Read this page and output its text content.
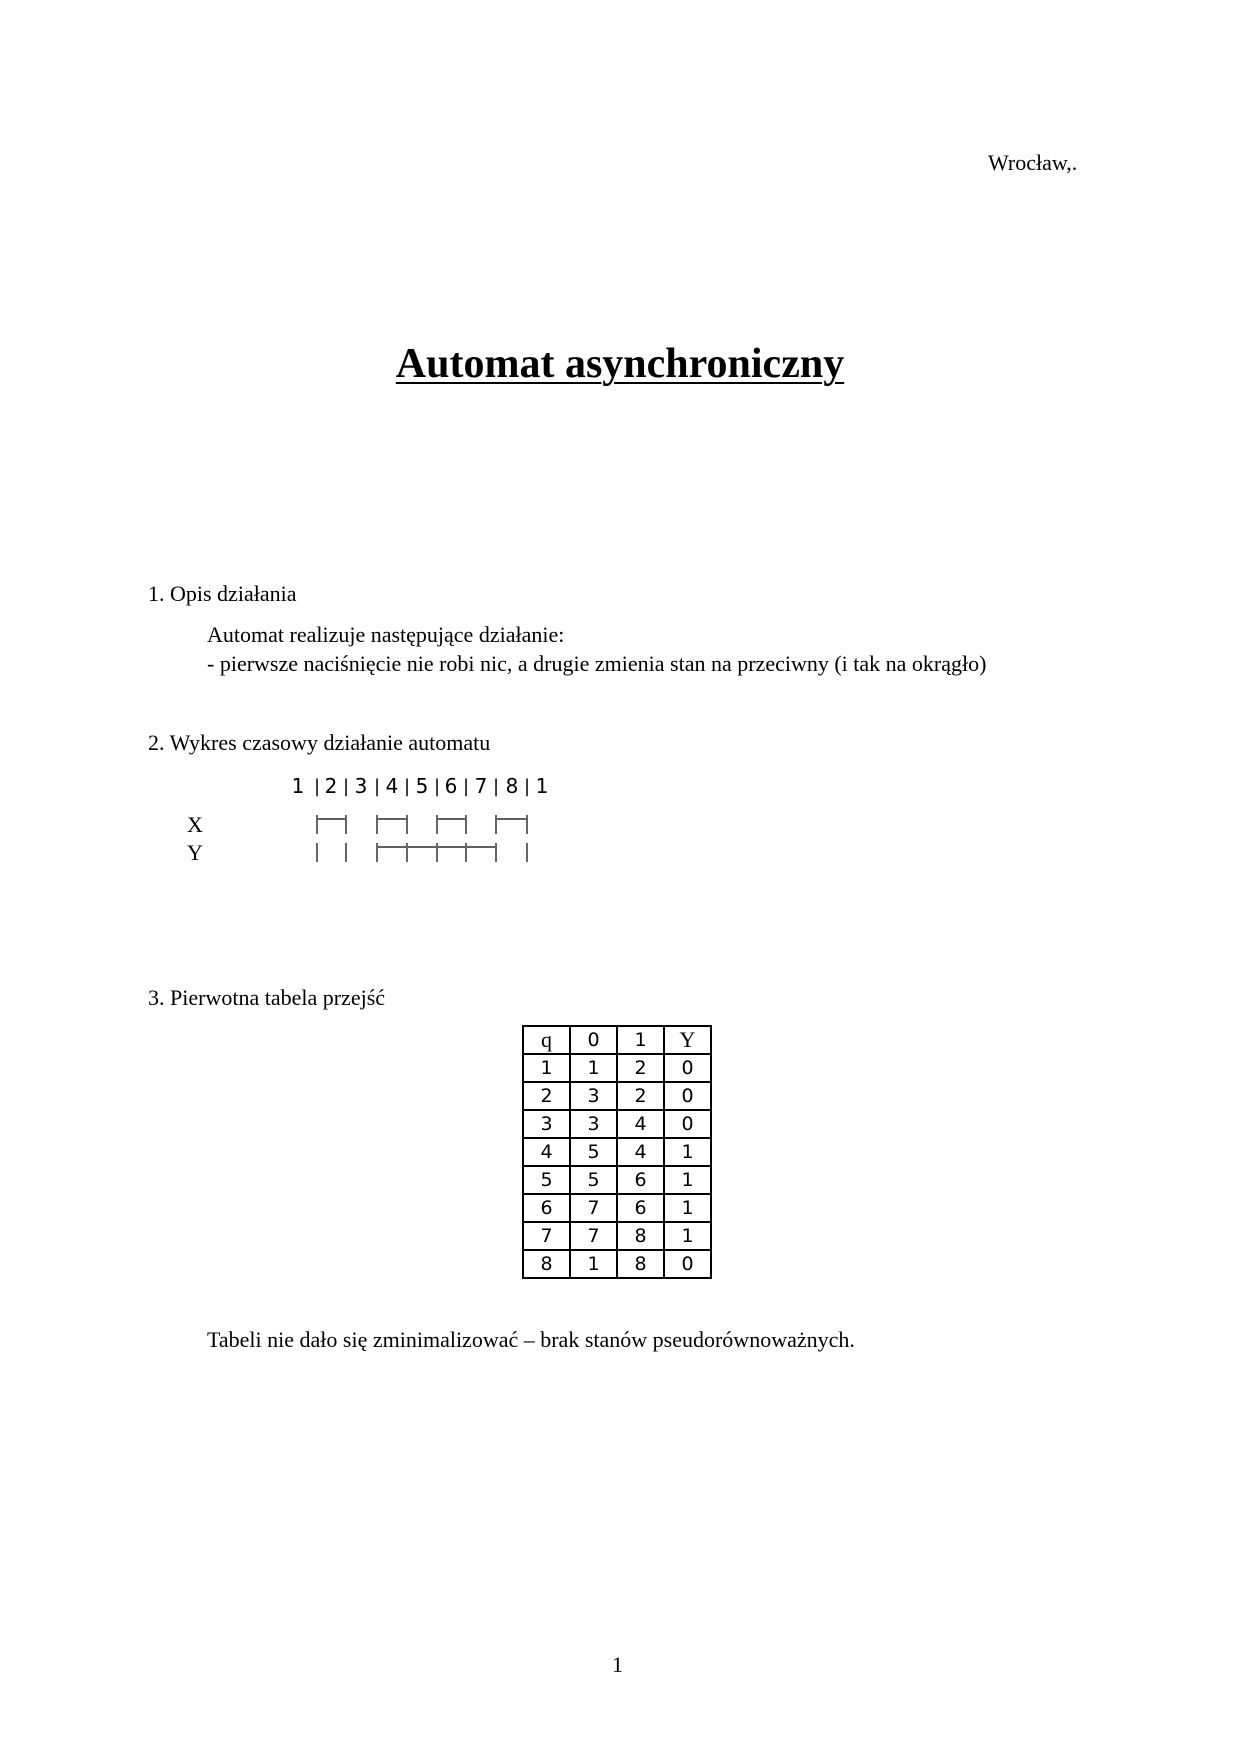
Wrocław,.
Automat asynchroniczny
1. Opis działania
Automat realizuje następujące działanie:
- pierwsze naciśnięcie nie robi nic, a drugie zmienia stan na przeciwny (i tak na okrągło)
2. Wykres czasowy działanie automatu
1 2 3 4 5 6 7 8 1
| | | | | | | |
X
Y
3. Pierwotna tabela przejść
q	0	1	Y
1	1	2	0
2	3	2	0
3	3	4	0
4	5	4	1
5	5	6	1
6	7	6	1
7	7	8	1
8	1	8	0
Tabeli nie dało się zminimalizować – brak stanów pseudorównoważnych.
1
